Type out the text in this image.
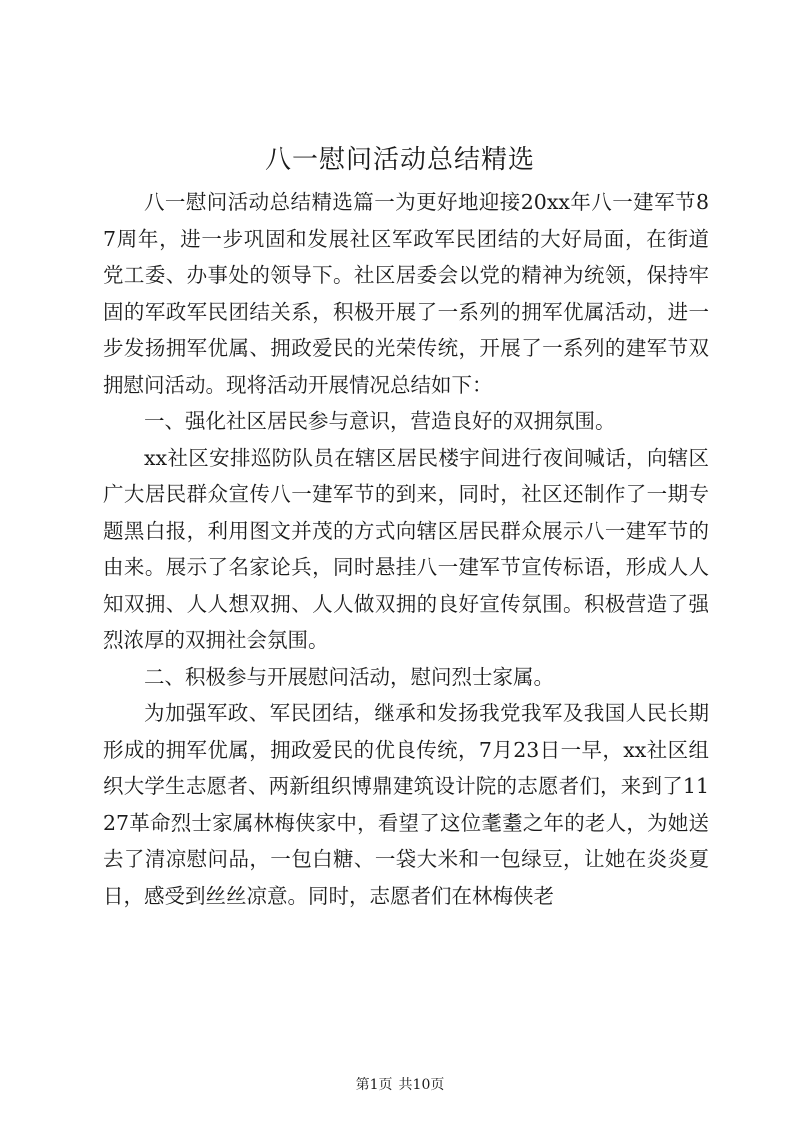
八一慰问活动总结精选

八一慰问活动总结精选篇一为更好地迎接20xx年八一建军节87周年，进一步巩固和发展社区军政军民团结的大好局面，在街道党工委、办事处的领导下。社区居委会以党的精神为统领，保持牢固的军政军民团结关系，积极开展了一系列的拥军优属活动，进一步发扬拥军优属、拥政爱民的光荣传统，开展了一系列的建军节双拥慰问活动。现将活动开展情况总结如下：

一、强化社区居民参与意识，营造良好的双拥氛围。

xx社区安排巡防队员在辖区居民楼宇间进行夜间喊话，向辖区广大居民群众宣传八一建军节的到来，同时，社区还制作了一期专题黑白报，利用图文并茂的方式向辖区居民群众展示八一建军节的由来。展示了名家论兵，同时悬挂八一建军节宣传标语，形成人人知双拥、人人想双拥、人人做双拥的良好宣传氛围。积极营造了强烈浓厚的双拥社会氛围。

二、积极参与开展慰问活动，慰问烈士家属。

为加强军政、军民团结，继承和发扬我党我军及我国人民长期形成的拥军优属，拥政爱民的优良传统，7月23日一早，xx社区组织大学生志愿者、两新组织博鼎建筑设计院的志愿者们，来到了1127革命烈士家属林梅侠家中，看望了这位耄耋之年的老人，为她送去了清凉慰问品，一包白糖、一袋大米和一包绿豆，让她在炎炎夏日，感受到丝丝凉意。同时，志愿者们在林梅侠老

第1页 共10页
